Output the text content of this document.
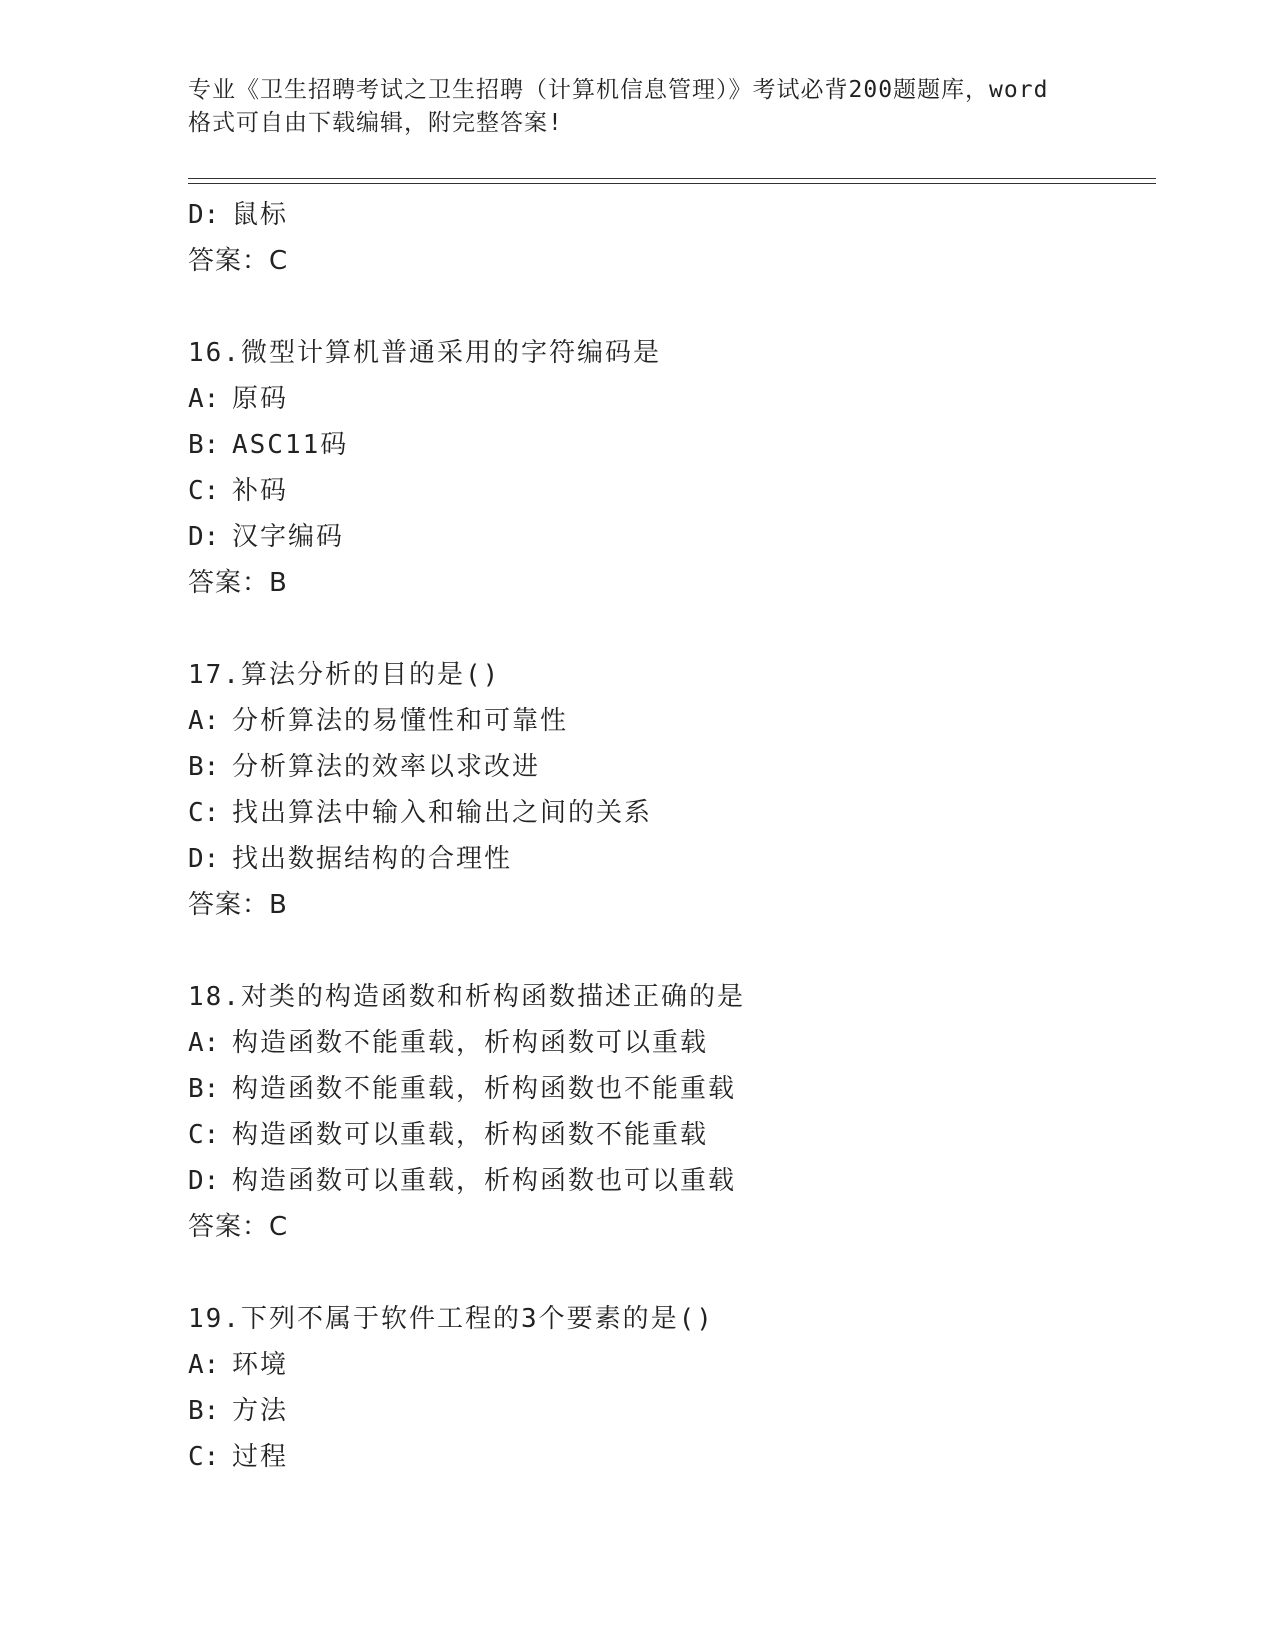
专业《卫生招聘考试之卫生招聘（计算机信息管理）》考试必背200题题库，word
格式可自由下载编辑，附完整答案!
D: 鼠标
答案：C
16.微型计算机普通采用的字符编码是
A: 原码
B: ASC11码
C: 补码
D: 汉字编码
答案：B
17.算法分析的目的是()
A: 分析算法的易懂性和可靠性
B: 分析算法的效率以求改进
C: 找出算法中输入和输出之间的关系
D: 找出数据结构的合理性
答案：B
18.对类的构造函数和析构函数描述正确的是
A: 构造函数不能重载，析构函数可以重载
B: 构造函数不能重载，析构函数也不能重载
C: 构造函数可以重载，析构函数不能重载
D: 构造函数可以重载，析构函数也可以重载
答案：C
19.下列不属于软件工程的3个要素的是()
A: 环境
B: 方法
C: 过程
